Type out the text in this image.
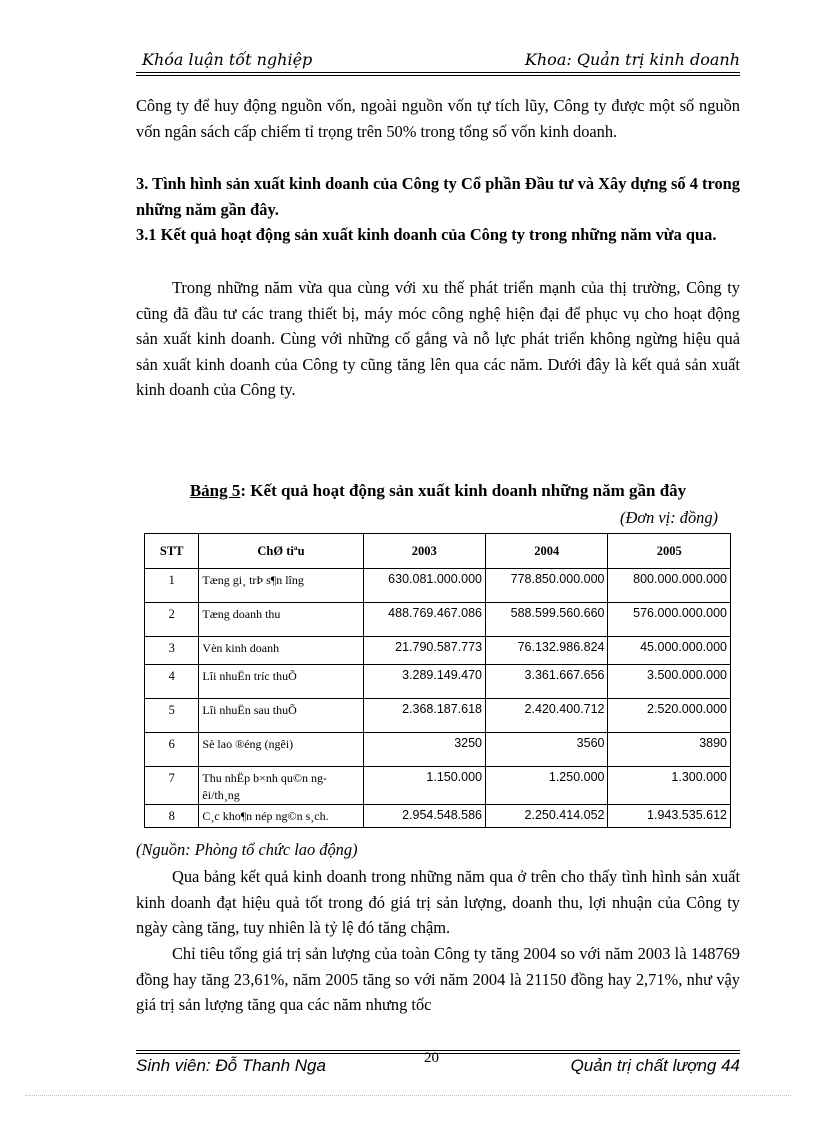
Khóa luận tốt nghiệp	Khoa: Quản trị kinh doanh
Công ty để huy động nguồn vốn, ngoài nguồn vốn tự tích lũy, Công ty được một số nguồn vốn ngân sách cấp chiếm tỉ trọng trên 50% trong tổng số vốn kinh doanh.
3. Tình hình sản xuất kinh doanh của Công ty Cổ phần Đầu tư và Xây dựng số 4 trong những năm gần đây.
3.1 Kết quả hoạt động sản xuất kinh doanh của Công ty trong những năm vừa qua.
Trong những năm vừa qua cùng với xu thế phát triển mạnh của thị trường, Công ty cũng đã đầu tư các trang thiết bị, máy móc công nghệ hiện đại để phục vụ cho hoạt động sản xuất kinh doanh. Cùng với những cố gắng và nỗ lực phát triển không ngừng hiệu quả sản xuất kinh doanh của Công ty cũng tăng lên qua các năm. Dưới đây là kết quả sản xuất kinh doanh của Công ty.
Bảng 5: Kết quả hoạt động sản xuất kinh doanh những năm gần đây
(Đơn vị: đồng)
STT	ChØ tiªu	2003	2004	2005
1	Tæng gi¸ trÞ s¶n lîng	630.081.000.000	778.850.000.000	800.000.000.000
2	Tæng doanh thu	488.769.467.086	588.599.560.660	576.000.000.000
3	Vèn kinh doanh	21.790.587.773	76.132.986.824	45.000.000.000
4	Lîi nhuËn tríc thuÕ	3.289.149.470	3.361.667.656	3.500.000.000
5	Lîi nhuËn sau thuÕ	2.368.187.618	2.420.400.712	2.520.000.000
6	Sè lao ®éng (ngêi)	3250	3560	3890
7	Thu nhËp b×nh qu©n ngêi/th¸ng	1.150.000	1.250.000	1.300.000
8	C¸c kho¶n nép ng©n s¸ch.	2.954.548.586	2.250.414.052	1.943.535.612
(Nguồn: Phòng tổ chức lao động)
Qua bảng kết quả kinh doanh trong những năm qua ở trên cho thấy tình hình sản xuất kinh doanh đạt hiệu quả tốt trong đó giá trị sản lượng, doanh thu, lợi nhuận của Công ty ngày càng tăng, tuy nhiên là tỷ lệ đó tăng chậm.
Chỉ tiêu tổng giá trị sản lượng của toàn Công ty tăng 2004 so với năm 2003 là 148769 đồng hay tăng 23,61%, năm 2005 tăng so với năm 2004 là 21150 đồng hay 2,71%, như vậy giá trị sản lượng tăng qua các năm nhưng tốc
Sinh viên: Đỗ Thanh Nga	20	Quản trị chất lượng 44
